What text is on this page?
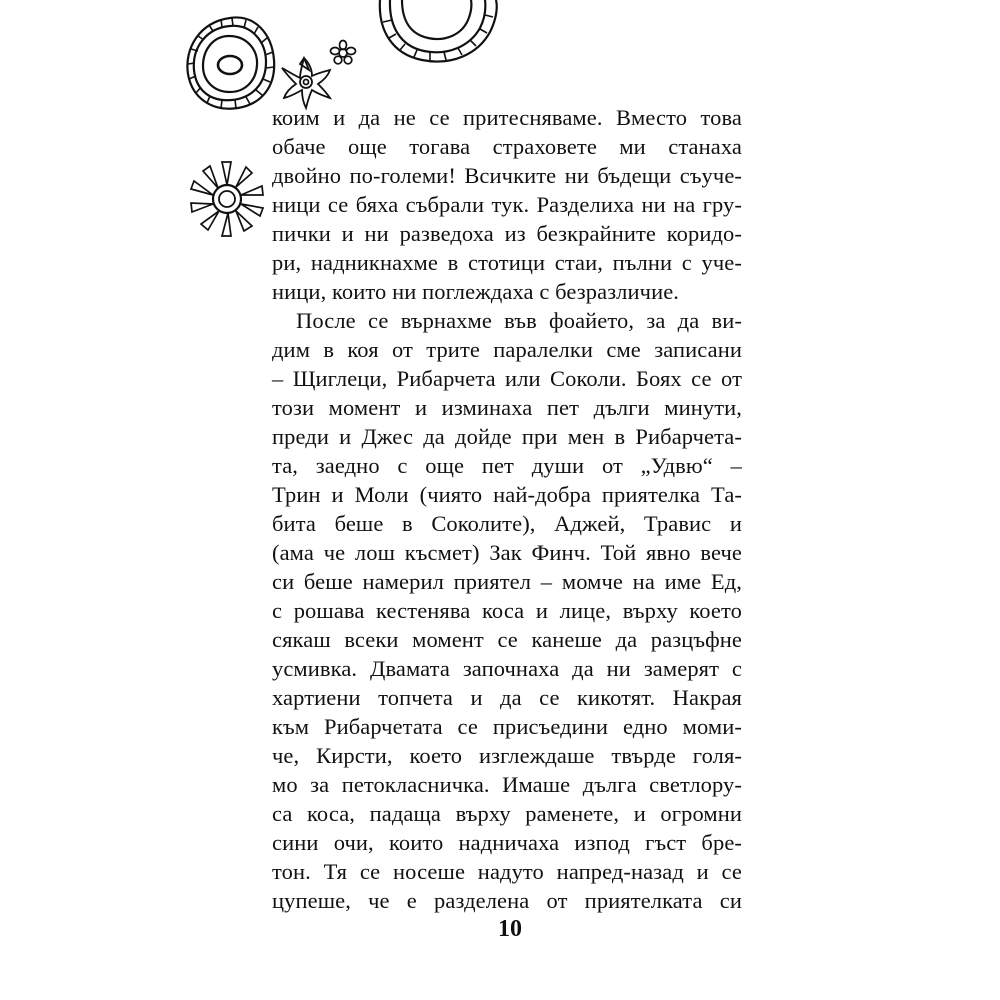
коим и да не се притесняваме. Вместо това
обаче още тогава страховете ми станаха
двойно по-големи! Всичките ни бъдещи съуче-
ници се бяха събрали тук. Разделиха ни на гру-
пички и ни разведоха из безкрайните коридо-
ри, надникнахме в стотици стаи, пълни с уче-
ници, които ни поглеждаха с безразличие.
После се върнахме във фоайето, за да ви-
дим в коя от трите паралелки сме записани
– Щиглеци, Рибарчета или Соколи. Боях се от
този момент и изминаха пет дълги минути,
преди и Джес да дойде при мен в Рибарчета-
та, заедно с още пет души от „Удвю“ –
Трин и Моли (чиято най-добра приятелка Та-
бита беше в Соколите), Аджей, Травис и
(ама че лош късмет) Зак Финч. Той явно вече
си беше намерил приятел – момче на име Ед,
с рошава кестенява коса и лице, върху което
сякаш всеки момент се канеше да разцъфне
усмивка. Двамата започнаха да ни замерят с
хартиени топчета и да се кикотят. Накрая
към Рибарчетата се присъедини едно моми-
че, Кирсти, което изглеждаше твърде голя-
мо за петокласничка. Имаше дълга светлору-
са коса, падаща върху раменете, и огромни
сини очи, които надничаха изпод гъст бре-
тон. Тя се носеше надуто напред-назад и се
цупеше, че е разделена от приятелката си
10
